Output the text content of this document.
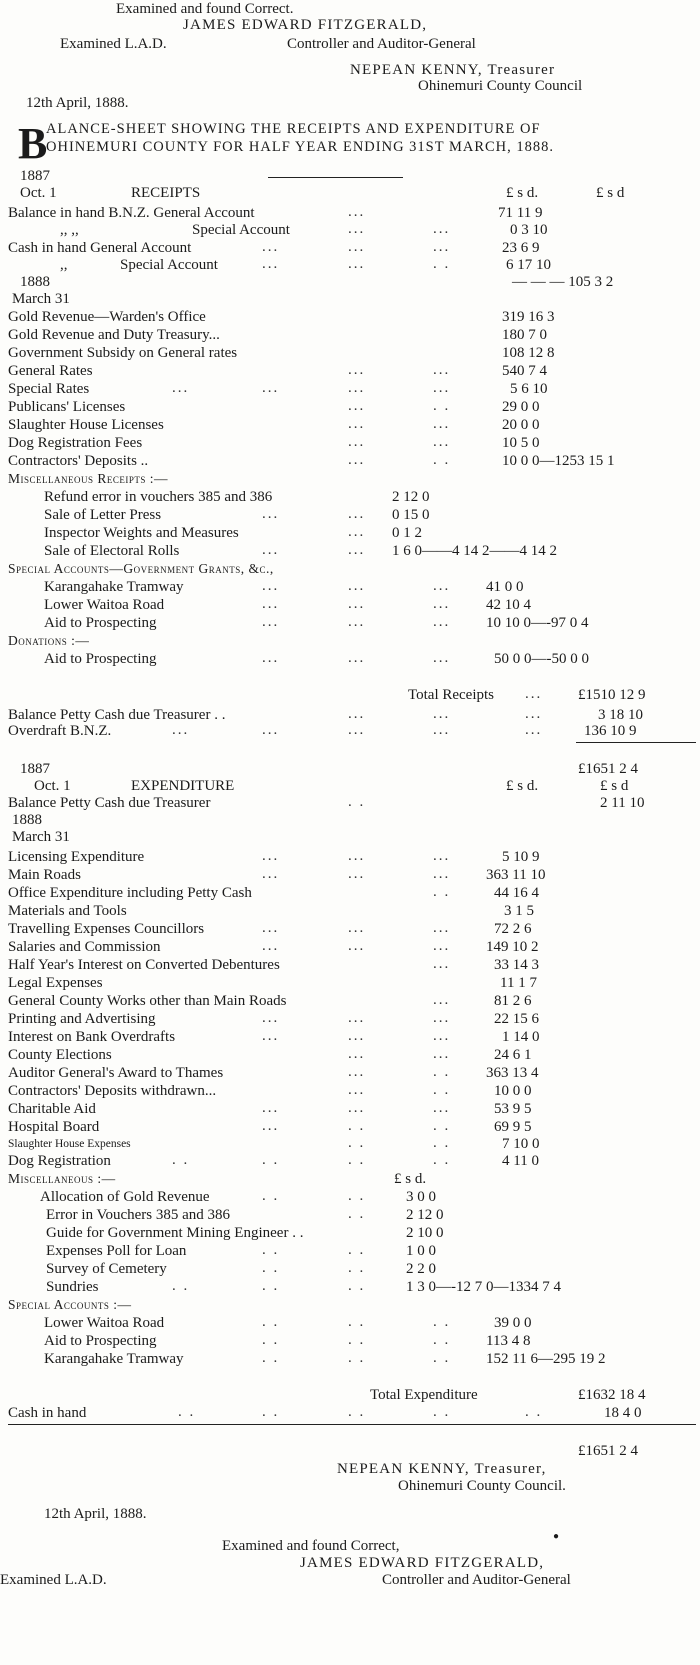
Examined and found Correct.
JAMES EDWARD FITZGERALD,
Examined L.A.D.	Controller and Auditor-General
NEPEAN KENNY, Treasurer
Ohinemuri County Council
12th April, 1888.
B
ALANCE-SHEET SHOWING THE RECEIPTS AND EXPENDITURE OF
OHINEMURI COUNTY FOR HALF YEAR ENDING 31ST MARCH, 1888.
1887
Oct. 1	RECEIPTS	£ s d.	£ s d
Balance in hand B.N.Z. General Account	...	71 11 9
,, ,,	Special Account	...	...	0 3 10
Cash in hand General Account	...	...	...	23 6 9
,,	Special Account	...	...	. .	6 17 10
1888	— — — 105 3 2
March 31
Gold Revenue—Warden's Office	319 16 3
Gold Revenue and Duty Treasury...	180 7 0
Government Subsidy on General rates	108 12 8
General Rates	540 7 4
Special Rates	5 6 10
Publicans' Licenses	29 0 0
Slaughter House Licenses	20 0 0
Dog Registration Fees	10 5 0
Contractors' Deposits ..	10 0 0—1253 15 1
...	...
...
...
...
...
...
...
...
...
. .
...
...
. .
Miscellaneous Receipts :—
Refund error in vouchers 385 and 386	2 12 0
Sale of Letter Press	...	... 0 15 0
Inspector Weights and Measures	... 0 1 2
Sale of Electoral Rolls	...	... 1 6 0——4 14 2——4 14 2
Special Accounts—Government Grants, &c.,
Karangahake Tramway	41 0 0
Lower Waitoa Road	42 10 4
Aid to Prospecting	10 10 0—-97 0 4
...	...	...
...	...	...
...	...	...
Donations :—
Aid to Prospecting	...	...	...	50 0 0—-50 0 0
Total Receipts ... £1510 12 9
Balance Petty Cash due Treasurer . .	...	...	...	3 18 10
Overdraft B.N.Z.	...	...	...	...	...	136 10 9
£1651 2 4
1887
Oct. 1	EXPENDITURE	£ s d.	£ s d
Balance Petty Cash due Treasurer	. .	2 11 10
1888
March 31
Licensing Expenditure	5 10 9
Main Roads	363 11 10
Office Expenditure including Petty Cash	44 16 4
Materials and Tools	3 1 5
Travelling Expenses Councillors	72 2 6
Salaries and Commission	149 10 2
Half Year's Interest on Converted Debentures	33 14 3
Legal Expenses	11 1 7
General County Works other than Main Roads	81 2 6
Printing and Advertising	22 15 6
Interest on Bank Overdrafts	1 14 0
County Elections	24 6 1
Auditor General's Award to Thames	363 13 4
Contractors' Deposits withdrawn...	10 0 0
Charitable Aid	53 9 5
Hospital Board	69 9 5
Slaughter House Expenses	7 10 0
Dog Registration	4 11 0
...	...	...
...	...	...
. .
...	...	...
...	...	...
...
...
...	...	...
...	...	...
...	...
...	. .
...	. .
...	...	...
...	. .	. .
. .	. .
. .	. .	. .	. .
Miscellaneous :—	£ s d.
Allocation of Gold Revenue	3 0 0
Error in Vouchers 385 and 386	2 12 0
Guide for Government Mining Engineer . .	2 10 0
Expenses Poll for Loan	1 0 0
Survey of Cemetery	2 2 0
Sundries	1 3 0—-12 7 0—1334 7 4
. .	. .
. .
. .	. .
. .	. .
. .	. .	. .
Special Accounts :—
Lower Waitoa Road	39 0 0
Aid to Prospecting	113 4 8
Karangahake Tramway	152 11 6—295 19 2
. .	. .	. .
. .	. .	. .
. .	. .	. .
Total Expenditure	£1632 18 4
Cash in hand	. .	. .	. .	. .	. .	18 4 0
£1651 2 4
NEPEAN KENNY, Treasurer,
Ohinemuri County Council.
12th April, 1888.
●
Examined and found Correct,
JAMES EDWARD FITZGERALD,
Examined L.A.D.	Controller and Auditor-General
